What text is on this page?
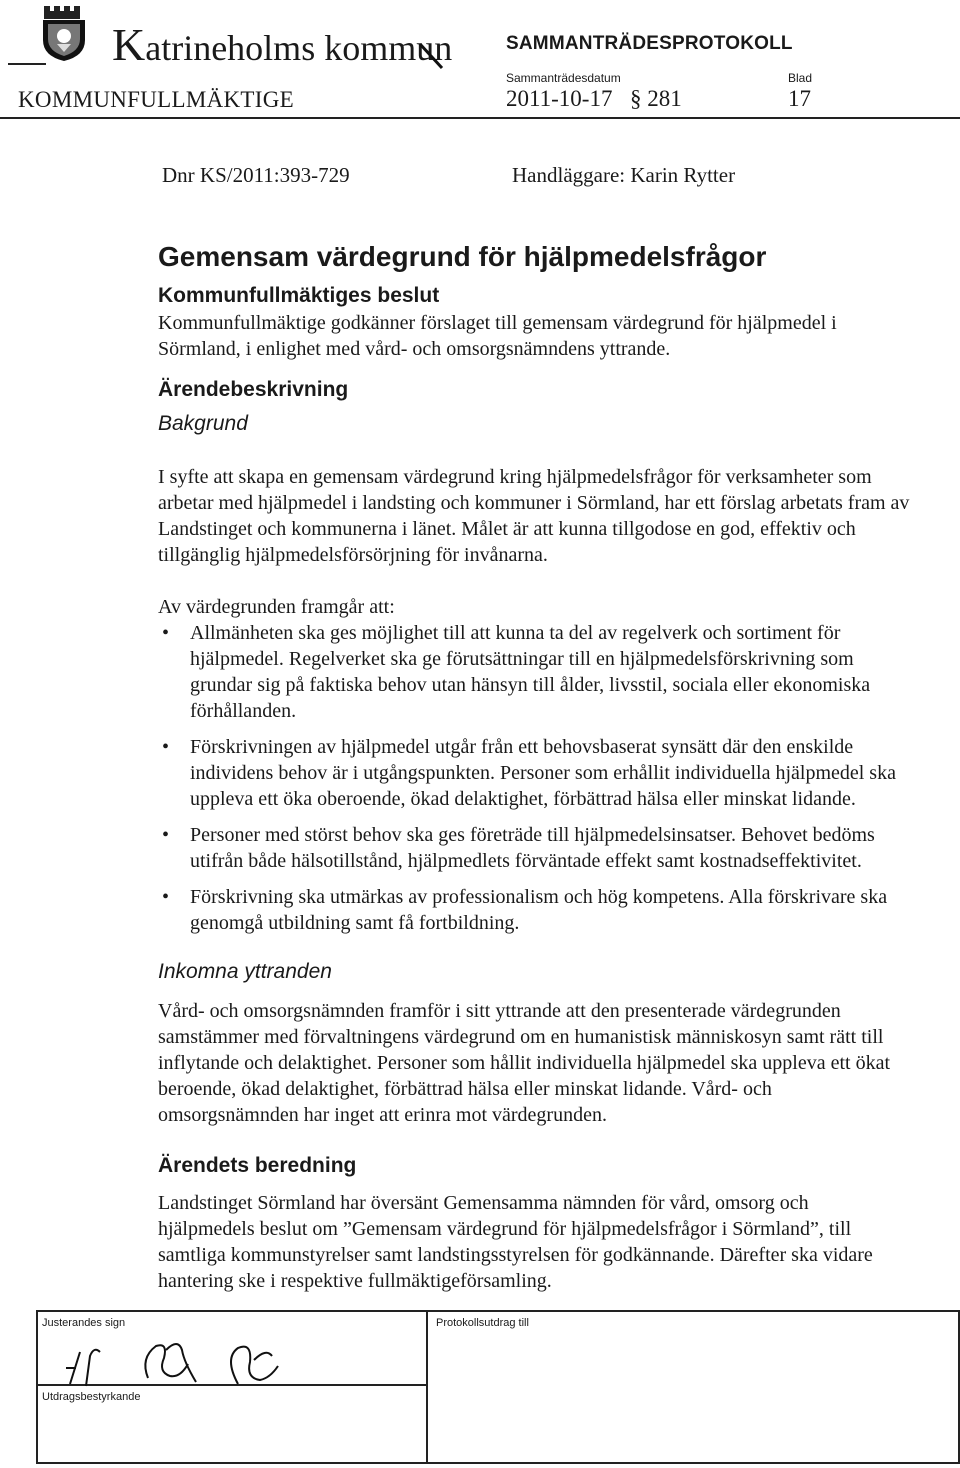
Katrineholms kommun	SAMMANTRÄDESPROTOKOLL
KOMMUNFULLMÄKTIGE
Sammanträdesdatum
2011-10-17 § 281
Blad
17
Dnr KS/2011:393-729	Handläggare: Karin Rytter
Gemensam värdegrund för hjälpmedelsfrågor
Kommunfullmäktiges beslut

Kommunfullmäktige godkänner förslaget till gemensam värdegrund för hjälpmedel i Sörmland, i enlighet med vård- och omsorgsnämndens yttrande.

Ärendebeskrivning
Bakgrund

I syfte att skapa en gemensam värdegrund kring hjälpmedelsfrågor för verksamheter som arbetar med hjälpmedel i landsting och kommuner i Sörmland, har ett förslag arbetats fram av Landstinget och kommunerna i länet. Målet är att kunna tillgodose en god, effektiv och tillgänglig hjälpmedelsförsörjning för invånarna.

Av värdegrunden framgår att:

• Allmänheten ska ges möjlighet till att kunna ta del av regelverk och sortiment för hjälpmedel. Regelverket ska ge förutsättningar till en hjälpmedelsförskrivning som grundar sig på faktiska behov utan hänsyn till ålder, livsstil, sociala eller ekonomiska förhållanden.
• Förskrivningen av hjälpmedel utgår från ett behovsbaserat synsätt där den enskilde individens behov är i utgångspunkten. Personer som erhållit individuella hjälpmedel ska uppleva ett öka oberoende, ökad delaktighet, förbättrad hälsa eller minskat lidande.
• Personer med störst behov ska ges företräde till hjälpmedelsinsatser. Behovet bedöms utifrån både hälsotillstånd, hjälpmedlets förväntade effekt samt kostnadseffektivitet.
• Förskrivning ska utmärkas av professionalism och hög kompetens. Alla förskrivare ska genomgå utbildning samt få fortbildning.
Inkomna yttranden

Vård- och omsorgsnämnden framför i sitt yttrande att den presenterade värdegrunden samstämmer med förvaltningens värdegrund om en humanistisk människosyn samt rätt till inflytande och delaktighet. Personer som hållit individuella hjälpmedel ska uppleva ett ökat beroende, ökad delaktighet, förbättrad hälsa eller minskat lidande. Vård- och omsorgsnämnden har inget att erinra mot värdegrunden.

Ärendets beredning

Landstinget Sörmland har översänt Gemensamma nämnden för vård, omsorg och hjälpmedels beslut om ”Gemensam värdegrund för hjälpmedelsfrågor i Sörmland”, till samtliga kommunstyrelser samt landstingsstyrelsen för godkännande. Därefter ska vidare hantering ske i respektive fullmäktigeförsamling.

Justerandes sign	Protokollsutdrag till
Utdragsbestyrkande
